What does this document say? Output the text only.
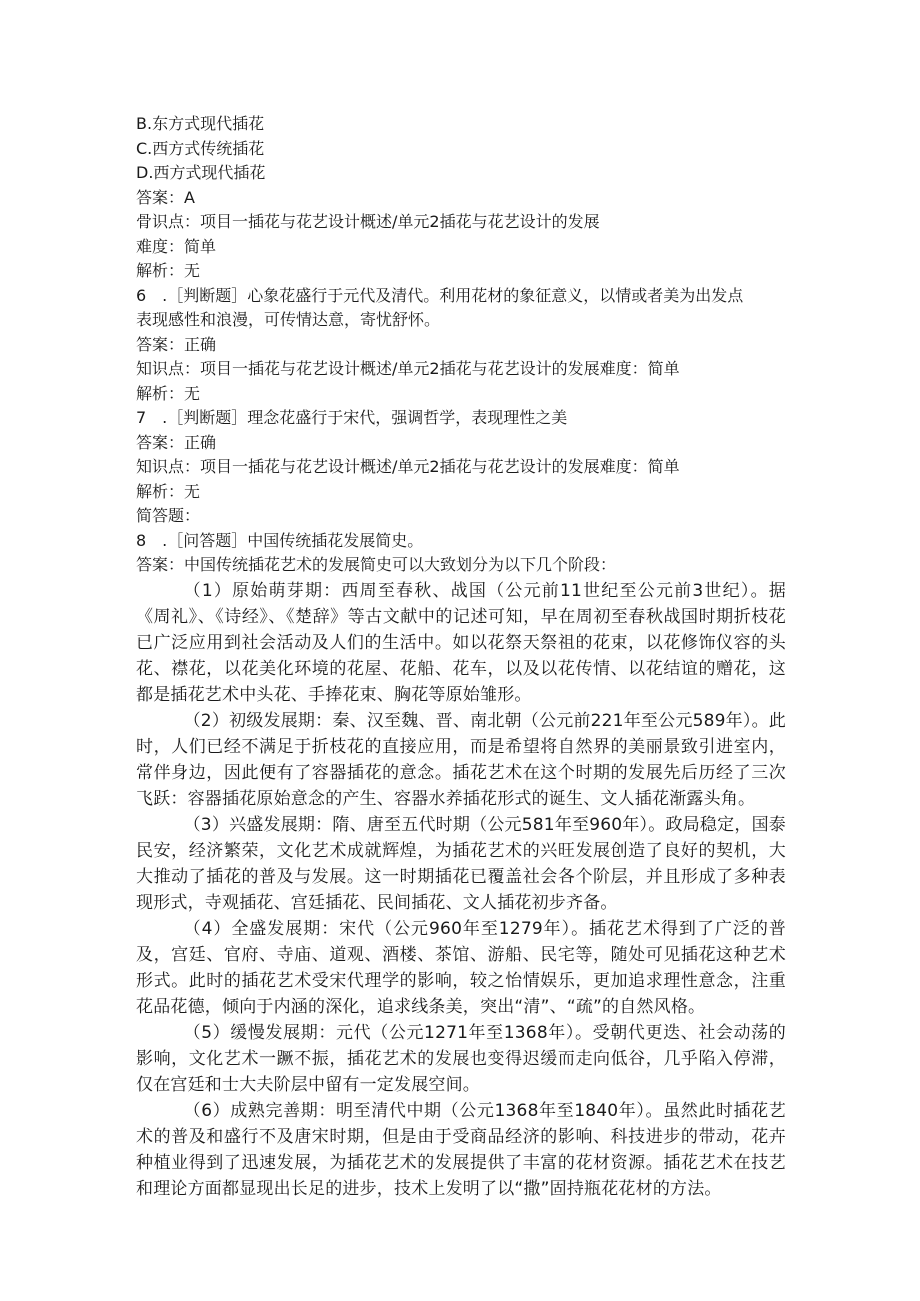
B.东方式现代插花

C.西方式传统插花

D.西方式现代插花

答案：A

骨识点：项目一插花与花艺设计概述/单元2插花与花艺设计的发展

难度：简单

解析：无

6　.［判断题］心象花盛行于元代及清代。利用花材的象征意义，以情或者美为出发点

表现感性和浪漫，可传情达意，寄忧舒怀。

答案：正确

知识点：项目一插花与花艺设计概述/单元2插花与花艺设计的发展难度：简单

解析：无

7　.［判断题］理念花盛行于宋代，强调哲学，表现理性之美

答案：正确

知识点：项目一插花与花艺设计概述/单元2插花与花艺设计的发展难度：简单

解析：无

简答题：

8　.［问答题］中国传统插花发展简史。

答案：中国传统插花艺术的发展简史可以大致划分为以下几个阶段：

（1）原始萌芽期：西周至春秋、战国（公元前11世纪至公元前3世纪）。据《周礼》、《诗经》、《楚辞》等古文献中的记述可知，早在周初至春秋战国时期折枝花已广泛应用到社会活动及人们的生活中。如以花祭天祭祖的花束，以花修饰仪容的头花、襟花，以花美化环境的花屋、花船、花车，以及以花传情、以花结谊的赠花，这都是插花艺术中头花、手捧花束、胸花等原始雏形。

（2）初级发展期：秦、汉至魏、晋、南北朝（公元前221年至公元589年）。此时，人们已经不满足于折枝花的直接应用，而是希望将自然界的美丽景致引进室内，常伴身边，因此便有了容器插花的意念。插花艺术在这个时期的发展先后历经了三次飞跃：容器插花原始意念的产生、容器水养插花形式的诞生、文人插花渐露头角。

（3）兴盛发展期：隋、唐至五代时期（公元581年至960年）。政局稳定，国泰民安，经济繁荣，文化艺术成就辉煌，为插花艺术的兴旺发展创造了良好的契机，大大推动了插花的普及与发展。这一时期插花已覆盖社会各个阶层，并且形成了多种表现形式，寺观插花、宫廷插花、民间插花、文人插花初步齐备。

（4）全盛发展期：宋代（公元960年至1279年）。插花艺术得到了广泛的普及，宫廷、官府、寺庙、道观、酒楼、茶馆、游船、民宅等，随处可见插花这种艺术形式。此时的插花艺术受宋代理学的影响，较之怡情娱乐，更加追求理性意念，注重花品花德，倾向于内涵的深化，追求线条美，突出“清”、“疏”的自然风格。

（5）缓慢发展期：元代（公元1271年至1368年）。受朝代更迭、社会动荡的影响，文化艺术一蹶不振，插花艺术的发展也变得迟缓而走向低谷，几乎陷入停滞，仅在宫廷和士大夫阶层中留有一定发展空间。

（6）成熟完善期：明至清代中期（公元1368年至1840年）。虽然此时插花艺术的普及和盛行不及唐宋时期，但是由于受商品经济的影响、科技进步的带动，花卉种植业得到了迅速发展，为插花艺术的发展提供了丰富的花材资源。插花艺术在技艺和理论方面都显现出长足的进步，技术上发明了以“撒”固持瓶花花材的方法。
